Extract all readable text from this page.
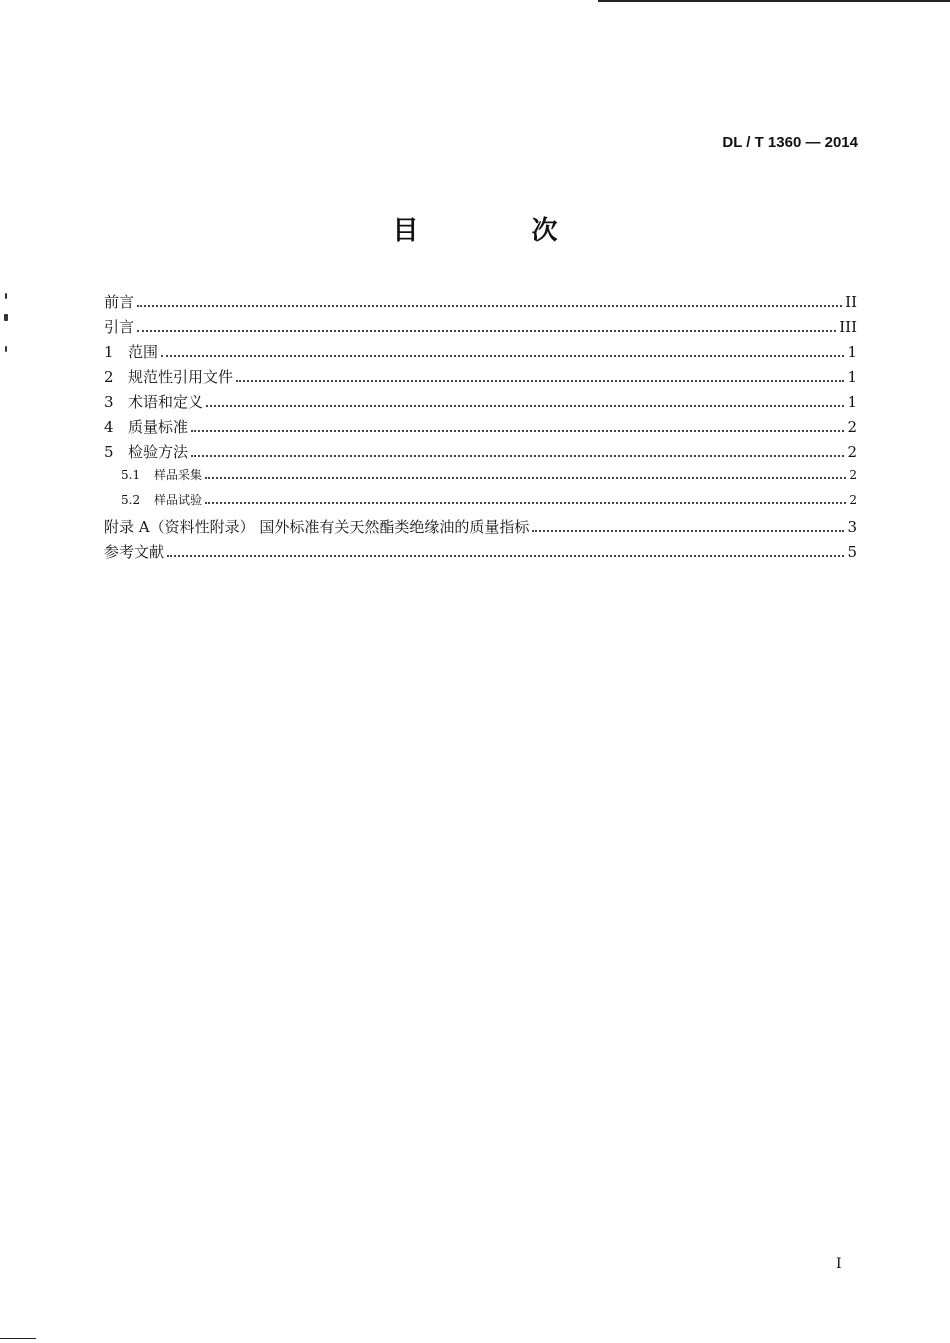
DL / T 1360 — 2014
目 次
前言	II
引言	III
1 范围	1
2 规范性引用文件	1
3 术语和定义	1
4 质量标准	2
5 检验方法	2
5.1	样品采集	2
5.2	样品试验	2
附录 A（资料性附录） 国外标准有关天然酯类绝缘油的质量指标	3
参考文献	5
I
